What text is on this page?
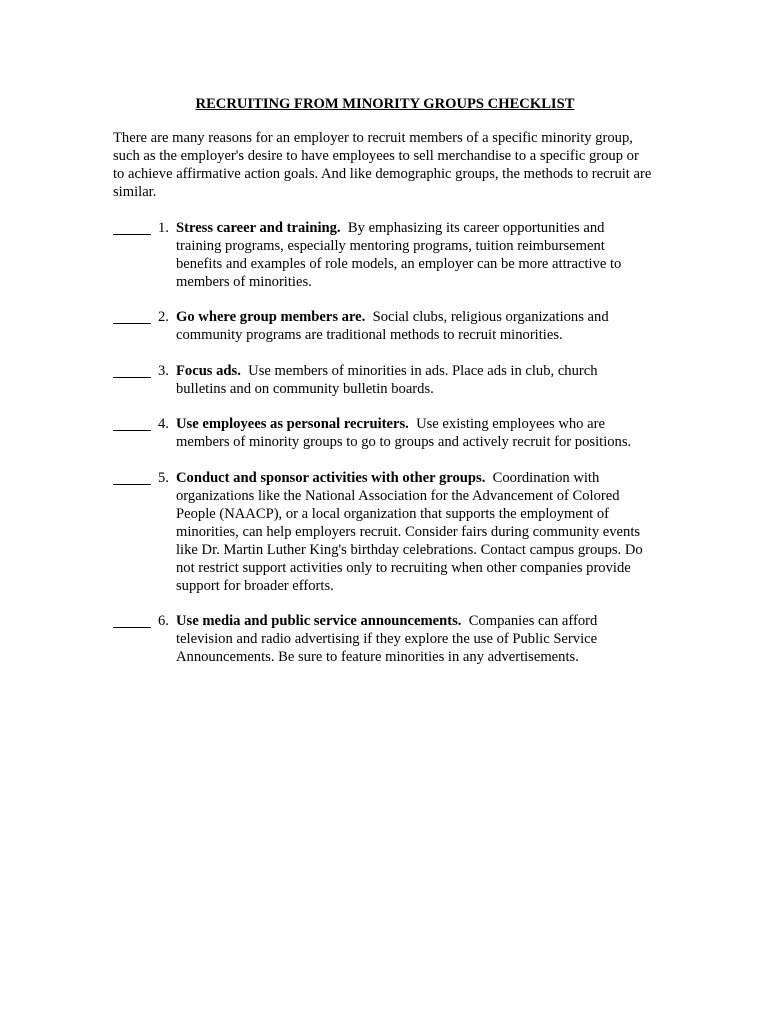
RECRUITING FROM MINORITY GROUPS CHECKLIST

There are many reasons for an employer to recruit members of a specific minority group, such as the employer's desire to have employees to sell merchandise to a specific group or to achieve affirmative action goals. And like demographic groups, the methods to recruit are similar.

1. Stress career and training. By emphasizing its career opportunities and training programs, especially mentoring programs, tuition reimbursement benefits and examples of role models, an employer can be more attractive to members of minorities.
2. Go where group members are. Social clubs, religious organizations and community programs are traditional methods to recruit minorities.
3. Focus ads. Use members of minorities in ads. Place ads in club, church bulletins and on community bulletin boards.
4. Use employees as personal recruiters. Use existing employees who are members of minority groups to go to groups and actively recruit for positions.
5. Conduct and sponsor activities with other groups. Coordination with organizations like the National Association for the Advancement of Colored People (NAACP), or a local organization that supports the employment of minorities, can help employers recruit. Consider fairs during community events like Dr. Martin Luther King's birthday celebrations. Contact campus groups. Do not restrict support activities only to recruiting when other companies provide support for broader efforts.
6. Use media and public service announcements. Companies can afford television and radio advertising if they explore the use of Public Service Announcements. Be sure to feature minorities in any advertisements.
